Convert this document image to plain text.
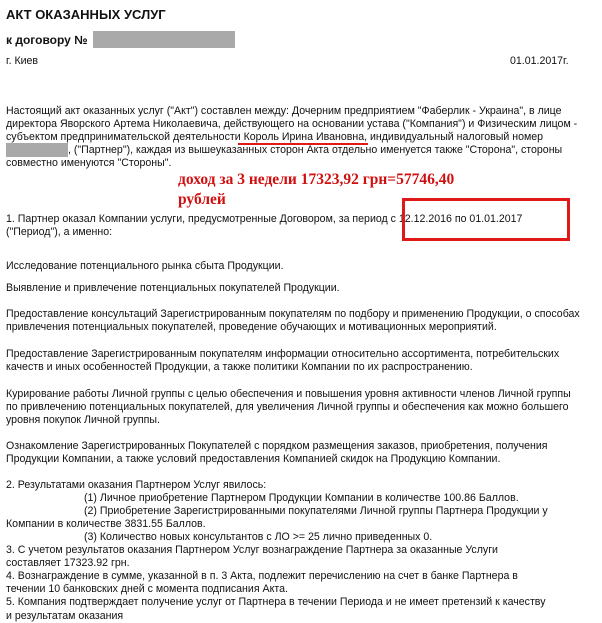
АКТ ОКАЗАННЫХ УСЛУГ
к договору №
г. Киев	01.01.2017г.
Настоящий акт оказанных услуг ("Акт") составлен между: Дочерним предприятием "Фаберлик - Украина", в лице
директора Яворского Артема Николаевича, действующего на основании устава ("Компания") и Физическим лицом -
субъектом предпринимательской деятельности Король Ирина Ивановна, индивидуальный налоговый номер
, ("Партнер"), каждая из вышеуказанных сторон Акта отдельно именуется также "Сторона", стороны
совместно именуются "Стороны".
доход за 3 недели 17323,92 грн=57746,40
рублей
1. Партнер оказал Компании услуги, предусмотренные Договором, за период с 12.12.2016 по 01.01.2017
("Период"), а именно:
Исследование потенциального рынка сбыта Продукции.
Выявление и привлечение потенциальных покупателей Продукции.
Предоставление консультаций Зарегистрированным покупателям по подбору и применению Продукции, о способах
привлечения потенциальных покупателей, проведение обучающих и мотивационных мероприятий.
Предоставление Зарегистрированным покупателям информации относительно ассортимента, потребительских
качеств и иных особенностей Продукции, а также политики Компании по их распространению.
Курирование работы Личной группы с целью обеспечения и повышения уровня активности членов Личной группы
по привлечению потенциальных покупателей, для увеличения Личной группы и обеспечения как можно большего
уровня покупок Личной группы.
Ознакомление Зарегистрированных Покупателей с порядком размещения заказов, приобретения, получения
Продукции Компании, а также условий предоставления Компанией скидок на Продукцию Компании.
2. Результатами оказания Партнером Услуг явилось:
(1) Личное приобретение Партнером Продукции Компании в количестве 100.86 Баллов.
(2) Приобретение Зарегистрированными покупателями Личной группы Партнера Продукции у
Компании в количестве 3831.55 Баллов.
(3) Количество новых консультантов с ЛО >= 25 лично приведенных 0.
3. С учетом результатов оказания Партнером Услуг вознаграждение Партнера за оказанные Услуги
составляет 17323.92 грн.
4. Вознаграждение в сумме, указанной в п. 3 Акта, подлежит перечислению на счет в банке Партнера в
течении 10 банковских дней с момента подписания Акта.
5. Компания подтверждает получение услуг от Партнера в течении Периода и не имеет претензий к качеству
и результатам оказания
